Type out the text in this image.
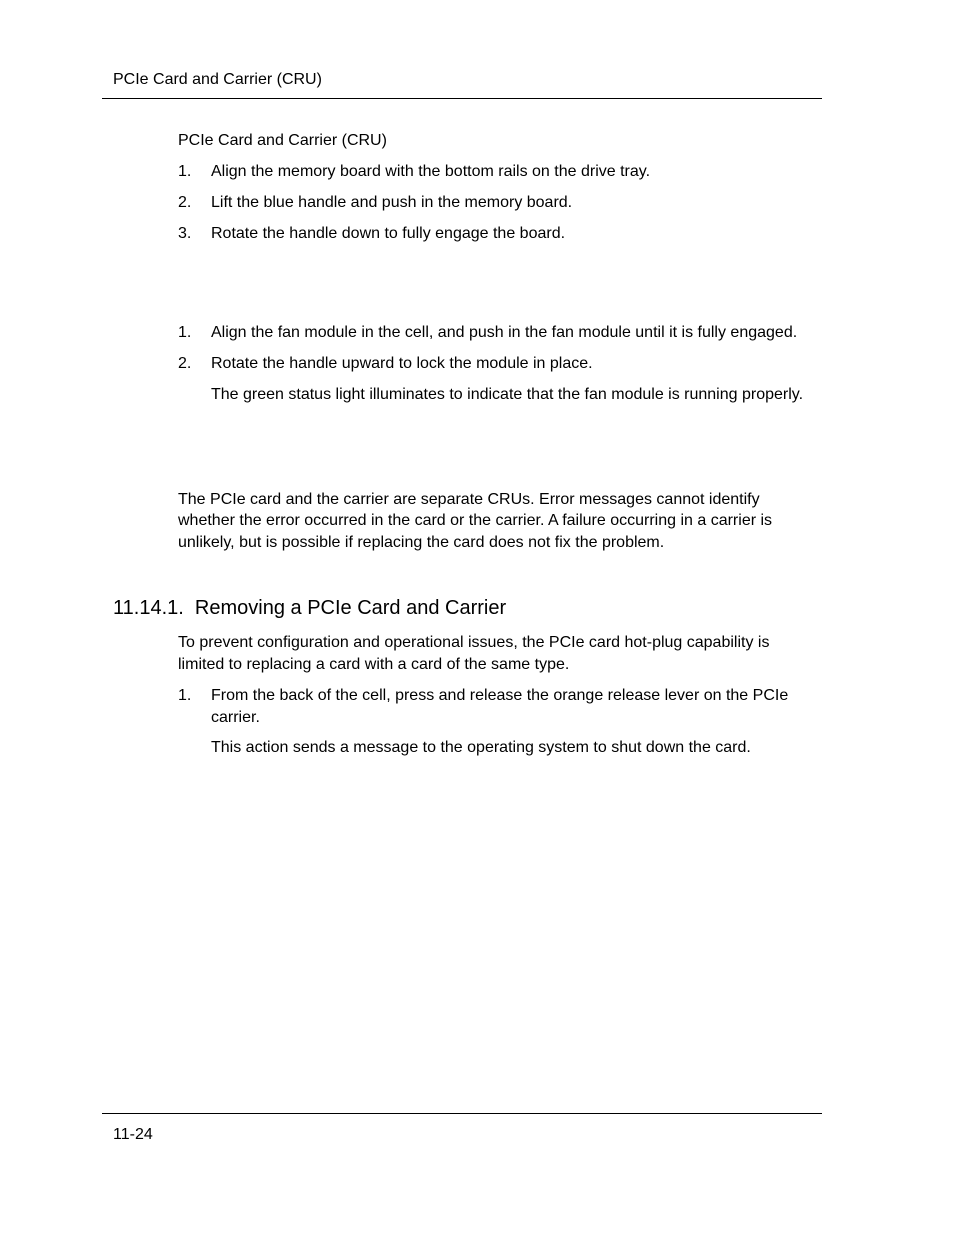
PCIe Card and Carrier (CRU)
PCIe Card and Carrier (CRU)
1. Align the memory board with the bottom rails on the drive tray.
2. Lift the blue handle and push in the memory board.
3. Rotate the handle down to fully engage the board.
1. Align the fan module in the cell, and push in the fan module until it is fully engaged.
2. Rotate the handle upward to lock the module in place.
The green status light illuminates to indicate that the fan module is running properly.
The PCIe card and the carrier are separate CRUs. Error messages cannot identify
whether the error occurred in the card or the carrier. A failure occurring in a carrier is
unlikely, but is possible if replacing the card does not fix the problem.
11.14.1.  Removing a PCIe Card and Carrier
To prevent configuration and operational issues, the PCIe card hot-plug capability is
limited to replacing a card with a card of the same type.
1. From the back of the cell, press and release the orange release lever on the PCIe
carrier.
This action sends a message to the operating system to shut down the card.
11-24
